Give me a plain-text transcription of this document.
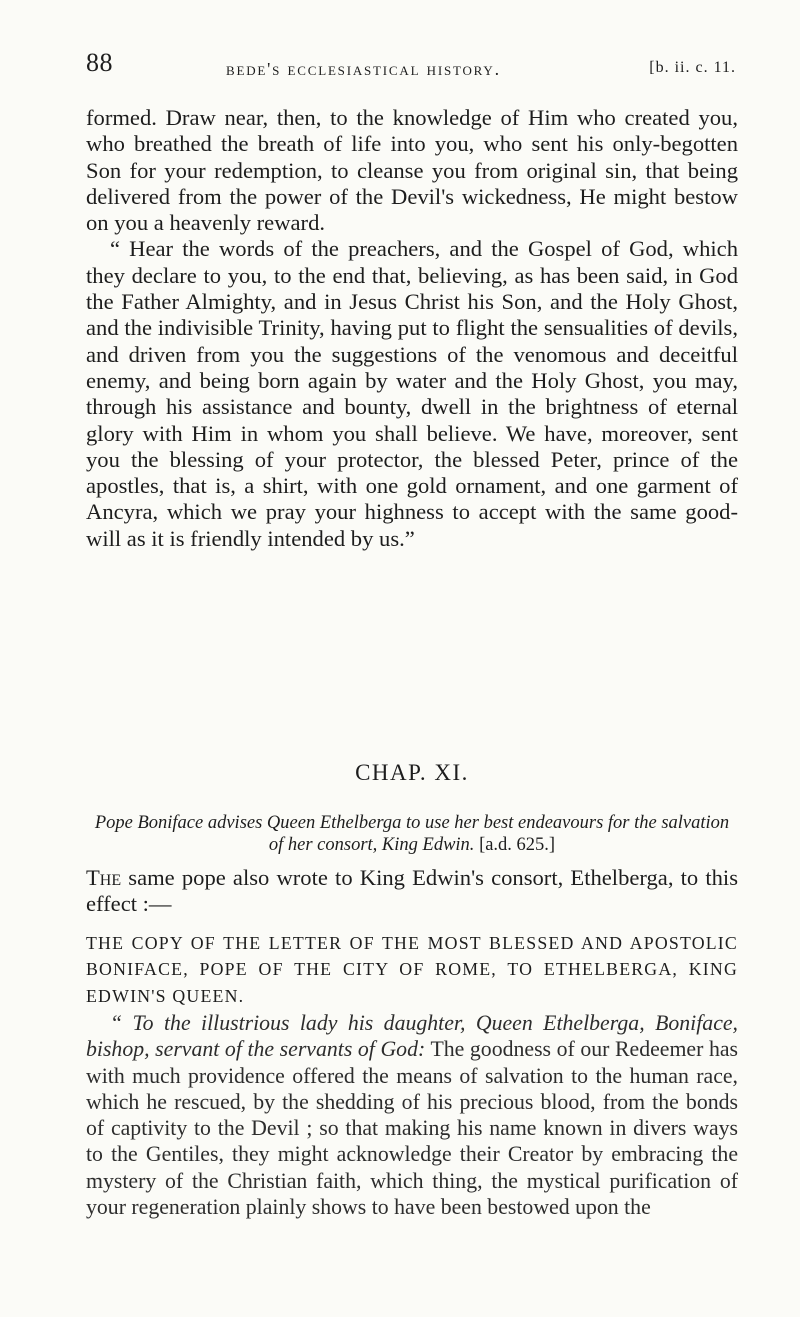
88	bede's ecclesiastical history.	[b. ii. c. 11.

formed. Draw near, then, to the knowledge of Him who created you, who breathed the breath of life into you, who sent his only-begotten Son for your redemption, to cleanse you from original sin, that being delivered from the power of the Devil's wickedness, He might bestow on you a heavenly reward.

“ Hear the words of the preachers, and the Gospel of God, which they declare to you, to the end that, believing, as has been said, in God the Father Almighty, and in Jesus Christ his Son, and the Holy Ghost, and the indivisible Trinity, having put to flight the sensualities of devils, and driven from you the suggestions of the venomous and deceitful enemy, and being born again by water and the Holy Ghost, you may, through his assistance and bounty, dwell in the brightness of eternal glory with Him in whom you shall believe. We have, moreover, sent you the blessing of your protector, the blessed Peter, prince of the apostles, that is, a shirt, with one gold ornament, and one garment of Ancyra, which we pray your highness to accept with the same good-will as it is friendly intended by us.”

CHAP. XI.
Pope Boniface advises Queen Ethelberga to use her best endeavours for the salvation of her consort, King Edwin. [a.d. 625.]

The same pope also wrote to King Edwin's consort, Ethelberga, to this effect :—

THE COPY OF THE LETTER OF THE MOST BLESSED AND APOSTOLIC BONIFACE, POPE OF THE CITY OF ROME, TO ETHELBERGA, KING EDWIN'S QUEEN.

“ To the illustrious lady his daughter, Queen Ethelberga, Boniface, bishop, servant of the servants of God: The goodness of our Redeemer has with much providence offered the means of salvation to the human race, which he rescued, by the shedding of his precious blood, from the bonds of captivity to the Devil ; so that making his name known in divers ways to the Gentiles, they might acknowledge their Creator by embracing the mystery of the Christian faith, which thing, the mystical purification of your regeneration plainly shows to have been bestowed upon the
